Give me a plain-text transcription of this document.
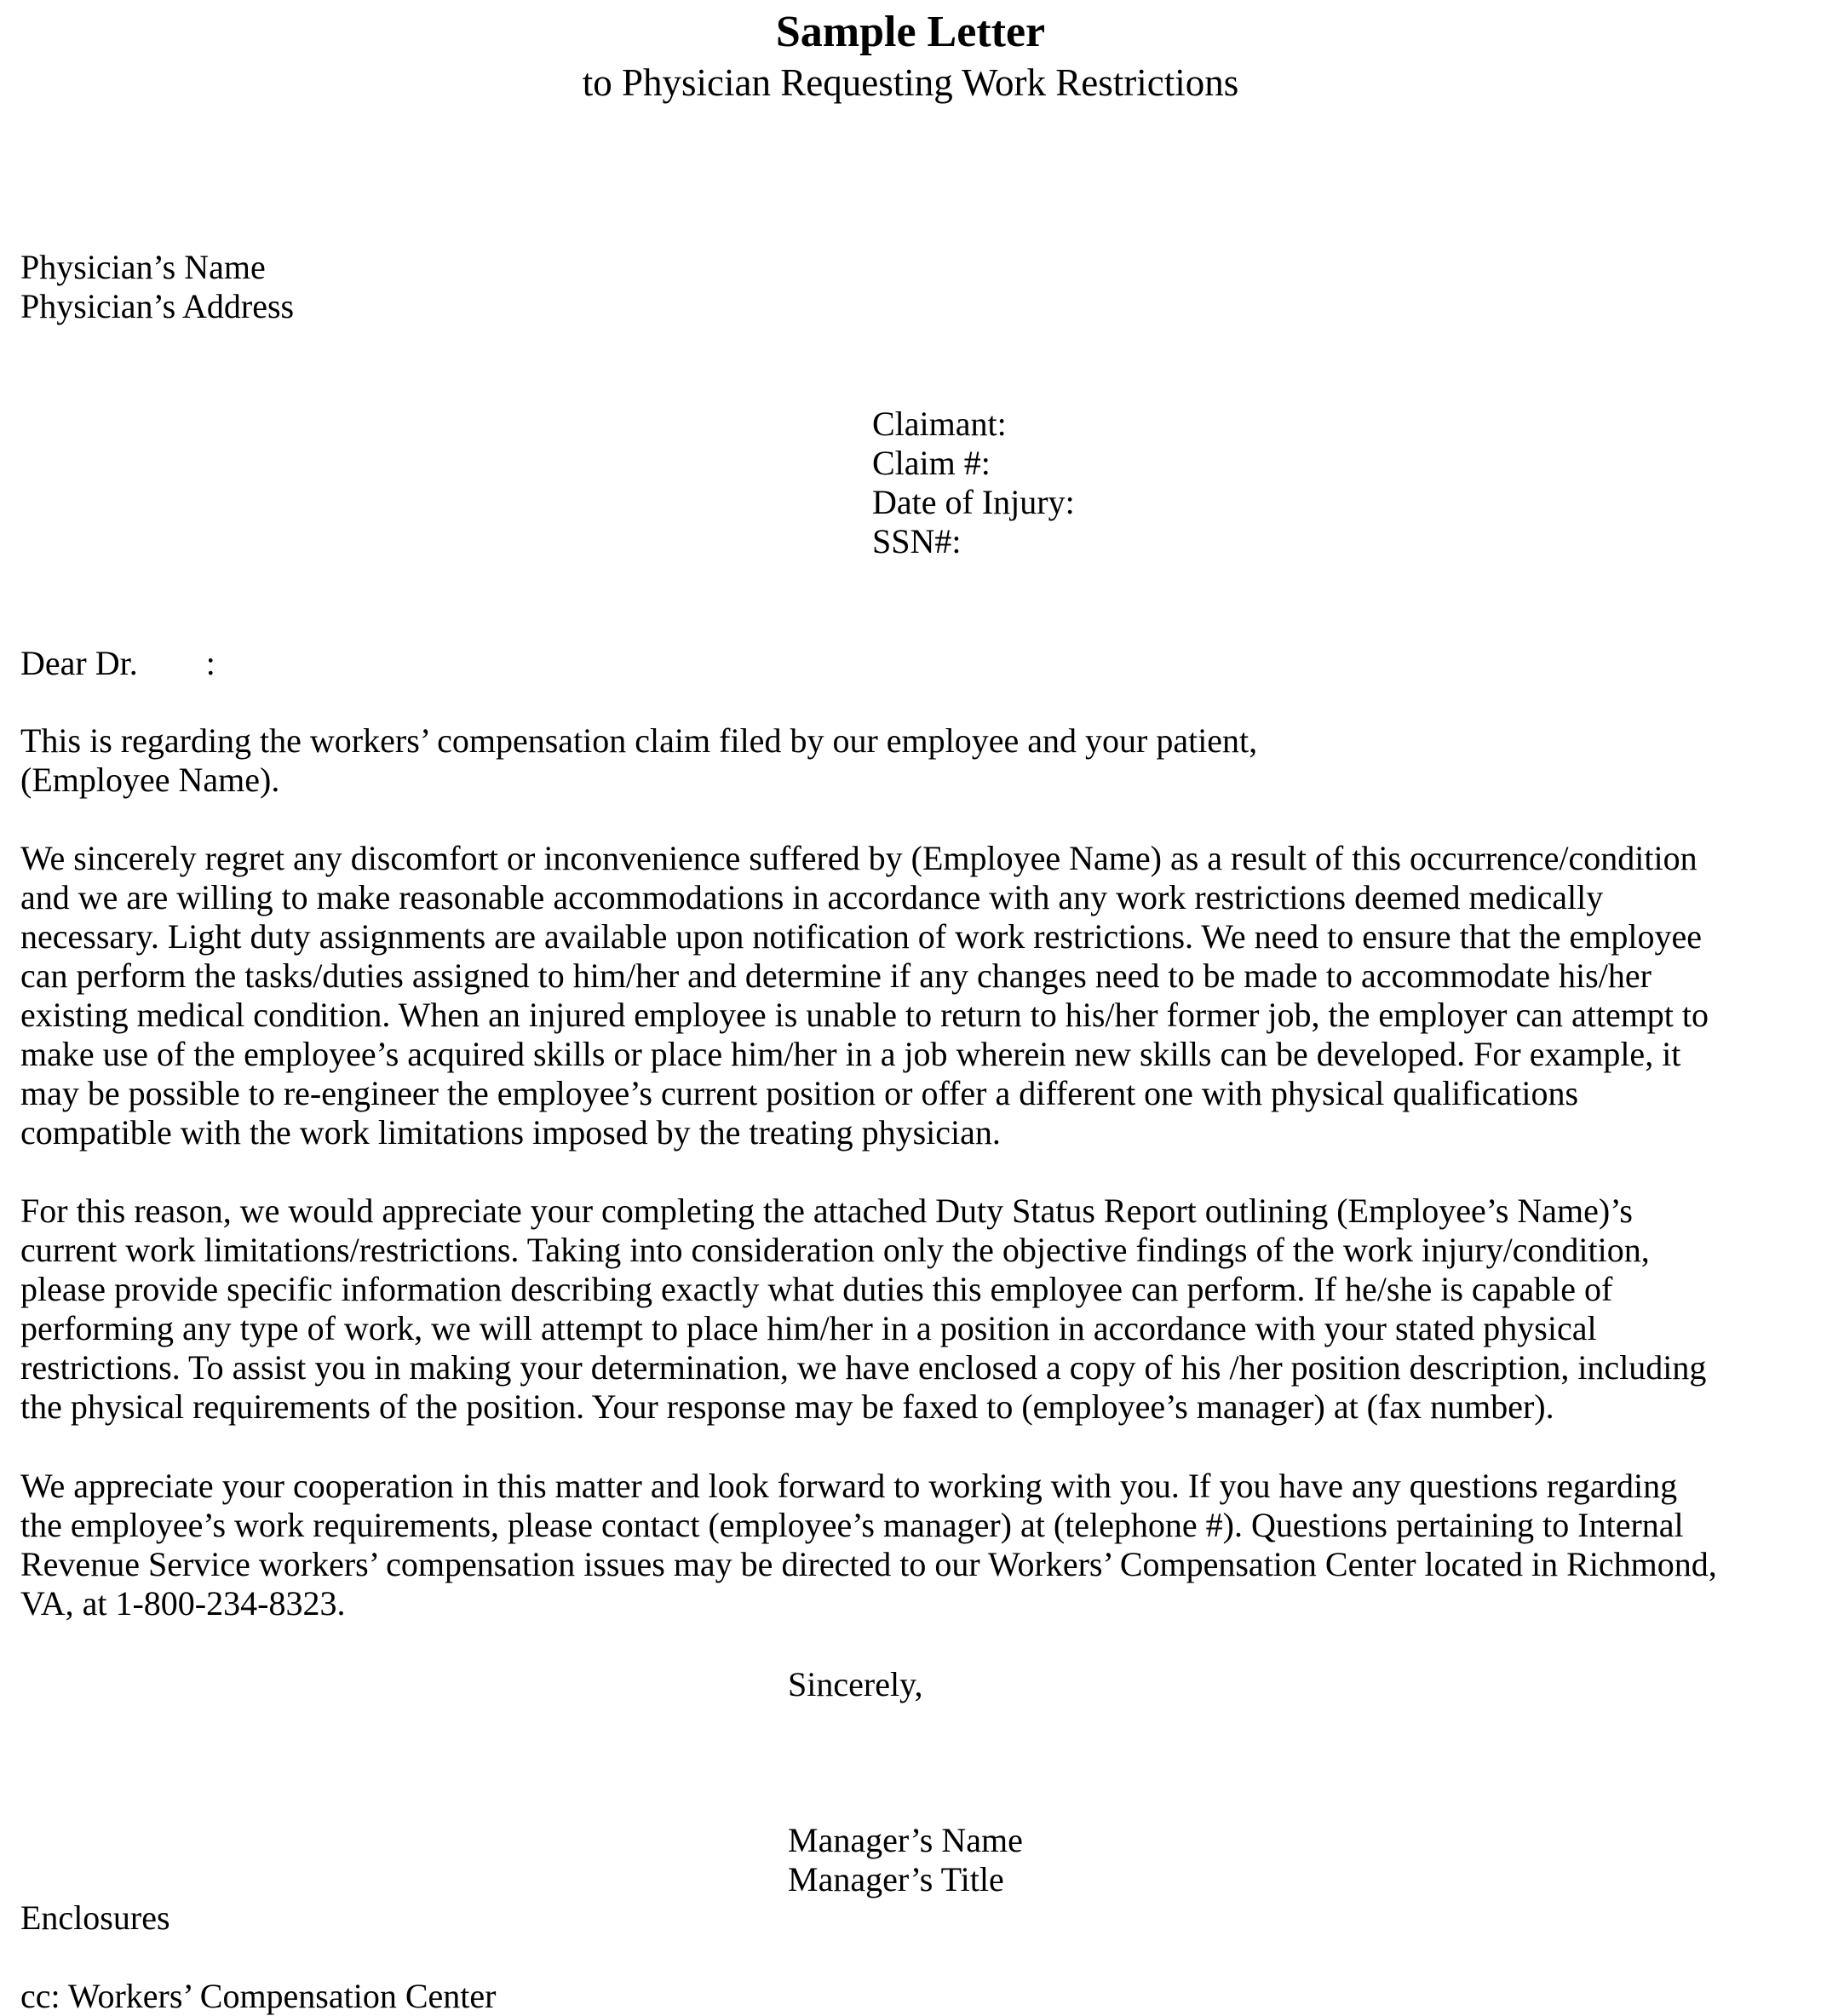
Sample Letter
to Physician Requesting Work Restrictions
Physician’s Name
Physician’s Address
Claimant:
Claim #:
Date of Injury:
SSN#:
Dear Dr.        :
This is regarding the workers’ compensation claim filed by our employee and your patient,
(Employee Name).
We sincerely regret any discomfort or inconvenience suffered by (Employee Name) as a result of this occurrence/condition
and we are willing to make reasonable accommodations in accordance with any work restrictions deemed medically
necessary. Light duty assignments are available upon notification of work restrictions. We need to ensure that the employee
can perform the tasks/duties assigned to him/her and determine if any changes need to be made to accommodate his/her
existing medical condition. When an injured employee is unable to return to his/her former job, the employer can attempt to
make use of the employee’s acquired skills or place him/her in a job wherein new skills can be developed. For example, it
may be possible to re-engineer the employee’s current position or offer a different one with physical qualifications
compatible with the work limitations imposed by the treating physician.
For this reason, we would appreciate your completing the attached Duty Status Report outlining (Employee’s Name)’s
current work limitations/restrictions. Taking into consideration only the objective findings of the work injury/condition,
please provide specific information describing exactly what duties this employee can perform. If he/she is capable of
performing any type of work, we will attempt to place him/her in a position in accordance with your stated physical
restrictions. To assist you in making your determination, we have enclosed a copy of his /her position description, including
the physical requirements of the position. Your response may be faxed to (employee’s manager) at (fax number).
We appreciate your cooperation in this matter and look forward to working with you. If you have any questions regarding
the employee’s work requirements, please contact (employee’s manager) at (telephone #). Questions pertaining to Internal
Revenue Service workers’ compensation issues may be directed to our Workers’ Compensation Center located in Richmond,
VA, at 1-800-234-8323.
Sincerely,
Manager’s Name
Manager’s Title
Enclosures
cc: Workers’ Compensation Center
